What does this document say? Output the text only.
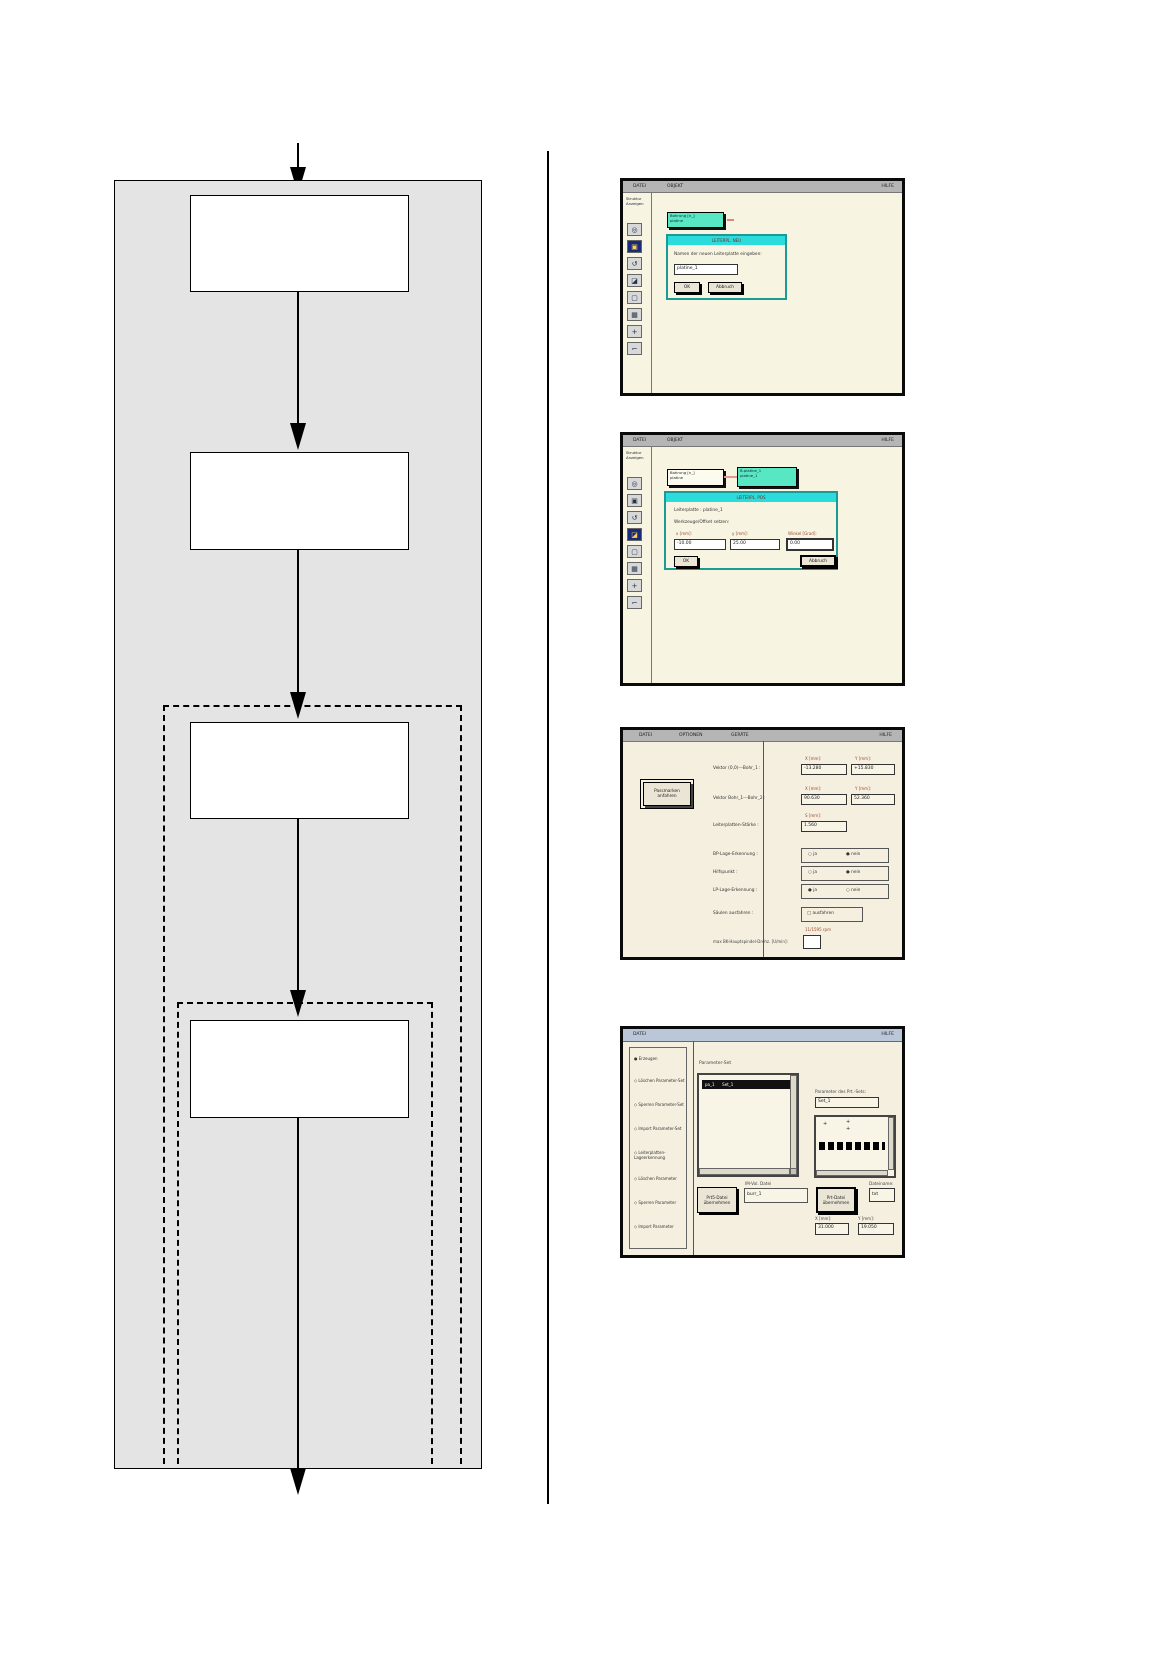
DATEI	OBJEKT	HILFE
Struktur
Anzeigen
◎
▣
↺
◪
▢
▦
+
⌐
Bohrung [n_]
platine
LEITERPL. NEU
Namen der neuen Leiterplatte eingeben:
platine_1
OK	Abbruch
DATEI	OBJEKT	HILFE
Struktur
Anzeigen
◎
▣
↺
◪
▢
▦
+
⌐
Bohrung [n_]
platine
B.platine_1
platine_1
LEITERPL. POS
Leiterplatte : platine_1
Werkzeuge/Offset setzen:
x [mm]:	y [mm]:	Winkel [Grad]:
-10.00	25.00	0.00
OK	Abbruch
DATEI	OPTIONEN	GERÄTE	HILFE
Passmarken
anfahren
X [mm]:	Y [mm]:
Vektor (0,0)---Bohr_1 :	-13.280	+15.830
X [mm]:	Y [mm]:
Vektor Bohr_1---Bohr_2 :	90.630	52.360
S [mm]:
Leiterplatten-Stärke :	1.560
BP-Lage-Erkennung :	○ ja	● nein
Hilfspunkt :	○ ja	● nein
LP-Lage-Erkennung :	● ja	○ nein
Säulen ausfahren :	□ ausfahren
11/1595 rpm
max BK-Hauptspindel-Drehz. [U/min]:
DATEI	HILFE
● Erzeugen
◇ Löschen Parameter-Set
◇ Sperren Parameter-Set
◇ Import Parameter-Set
◇ Leiterplatten-Lageerkennung
◇ Löschen Parameter
◇ Sperren Parameter
◇ Import Parameter
Parameter-Set
pa_1      Set_1
Parameter des Prt.-Sets:
Set_1
+	+
+
Prt5-Datei
übernehmen
IM-Vol. Datei
burr_1
Prt-Datei
übernehmen
Dateiname:
txt
X [mm]:
31.000
Y [mm]:
19.050
